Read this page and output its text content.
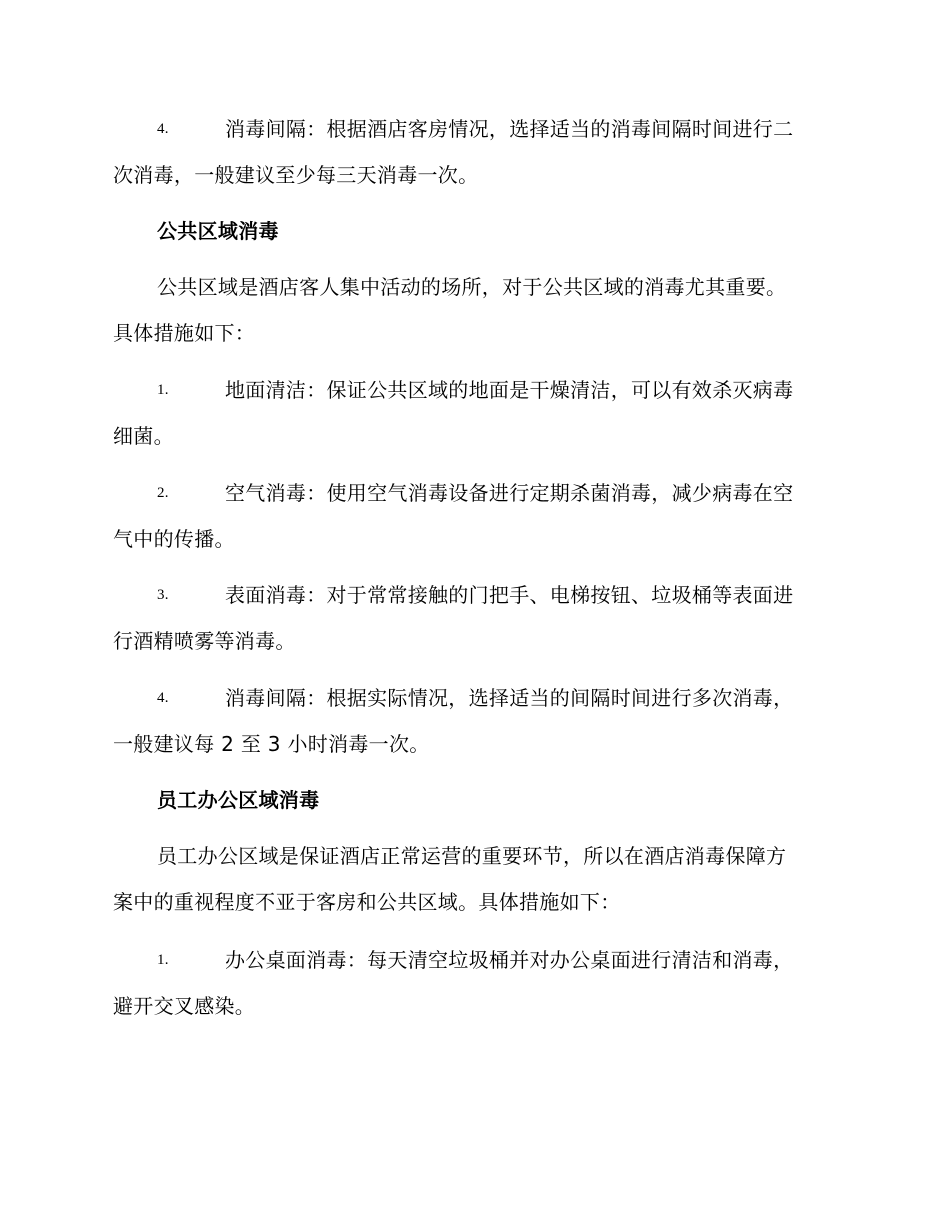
4.	消毒间隔：根据酒店客房情况，选择适当的消毒间隔时间进行二
次消毒，一般建议至少每三天消毒一次。
公共区域消毒
公共区域是酒店客人集中活动的场所，对于公共区域的消毒尤其重要。
具体措施如下：
1.	地面清洁：保证公共区域的地面是干燥清洁，可以有效杀灭病毒
细菌。
2.	空气消毒：使用空气消毒设备进行定期杀菌消毒，减少病毒在空
气中的传播。
3.	表面消毒：对于常常接触的门把手、电梯按钮、垃圾桶等表面进
行酒精喷雾等消毒。
4.	消毒间隔：根据实际情况，选择适当的间隔时间进行多次消毒，
一般建议每 2 至 3 小时消毒一次。
员工办公区域消毒
员工办公区域是保证酒店正常运营的重要环节，所以在酒店消毒保障方
案中的重视程度不亚于客房和公共区域。具体措施如下：
1.	办公桌面消毒：每天清空垃圾桶并对办公桌面进行清洁和消毒，
避开交叉感染。
